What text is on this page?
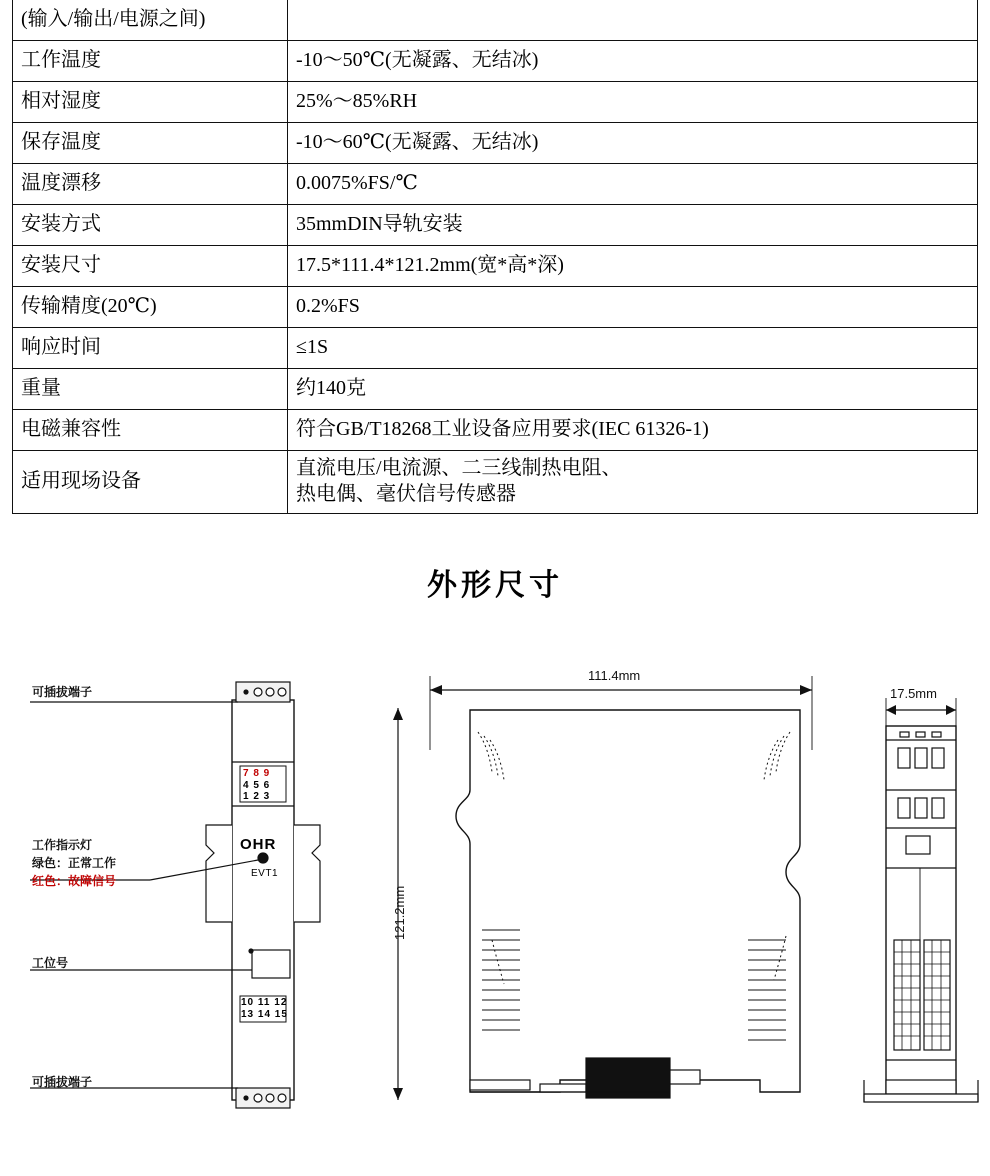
(输入/输出/电源之间)	
工作温度	-10～50℃(无凝露、无结冰)
相对湿度	25%～85%RH
保存温度	-10～60℃(无凝露、无结冰)
温度漂移	0.0075%FS/℃
安装方式	35mmDIN导轨安装
安装尺寸	17.5*111.4*121.2mm(宽*高*深)
传输精度(20℃)	0.2%FS
响应时间	≤1S
重量	约140克
电磁兼容性	符合GB/T18268工业设备应用要求(IEC 61326-1)
适用现场设备	直流电压/电流源、二三线制热电阻、
热电偶、毫伏信号传感器
外形尺寸
可插拔端子
可插拔端子
工作指示灯
绿色：正常工作
红色：故障信号
工位号
7 8 9
4 5 6
1 2 3
OHR
EVT1
10 11 12
13 14 15
111.4mm
121.2mm
17.5mm
